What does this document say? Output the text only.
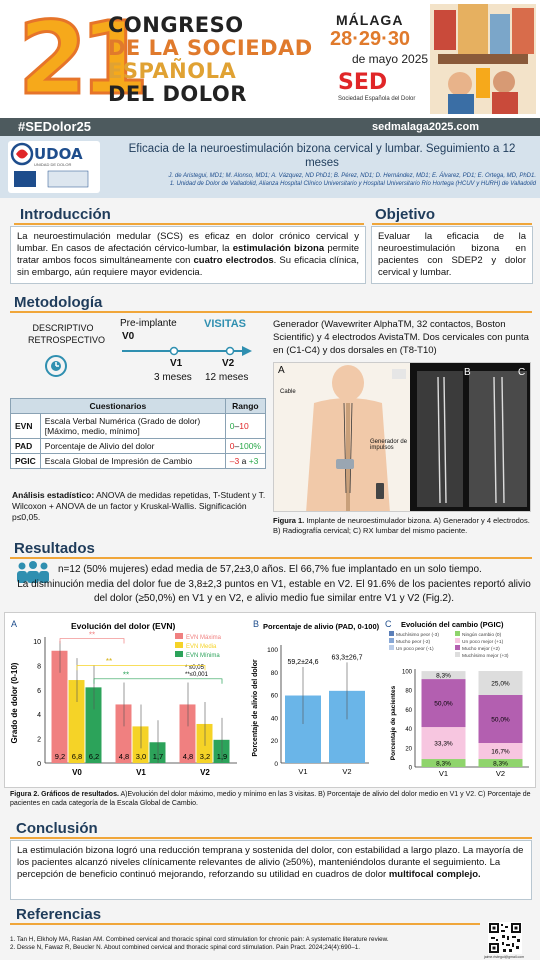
21
CONGRESO
DE LA SOCIEDAD
ESPAÑOLA
DEL DOLOR
MÁLAGA
28·29·30
de mayo 2025
SED
Sociedad Española del Dolor
#SEDolor25	sedmalaga2025.com
UDOA
UNIDAD DE DOLOR
Eficacia de la neuroestimulación bizona cervical y lumbar. Seguimiento a 12 meses
J. de Aristegui, MD1; M. Alonso, MD1; A. Vázquez, ND PhD1; B. Pérez, ND1; D. Hernández, MD1; E. Álvarez, PD1; E. Ortega, MD, PhD1.
1. Unidad de Dolor de Valladolid, Alianza Hospital Clínico Universitario y Hospital Universitario Río Hortega (HCUV y HURH) de Valladolid
Introducción
La neuroestimulación medular (SCS) es eficaz en dolor crónico cervical y lumbar. En casos de afectación cérvico-lumbar, la estimulación bizona permite tratar ambos focos simultáneamente con cuatro electrodos. Su eficacia clínica, sin embargo, aún requiere mayor evidencia.
Objetivo
Evaluar la eficacia de la neuroestimulación bizona en pacientes con SDEP2 y dolor cervical y lumbar.
Metodología
DESCRIPTIVO
RETROSPECTIVO
Pre-implante VISITAS
V0
V1	V2
3 meses 12 meses
Generador (Wavewriter AlphaTM, 32 contactos, Boston Scientific) y 4 electrodos AvistaTM. Dos cervicales con punta en (C1-C4) y dos dorsales en (T8-T10)
Cuestionarios		Rango
EVN	Escala Verbal Numérica (Grado de dolor) [Máximo, medio, mínimo]	0–10
PAD	Porcentaje de Alivio del dolor	0–100%
PGIC	Escala Global de Impresión de Cambio	–3 a +3
Análisis estadístico: ANOVA de medidas repetidas, T-Student y T. Wilcoxon + ANOVA de un factor y Kruskal-Wallis. Significación p≤0,05.
A	B	C
Cable
Generador de impulsos
Figura 1. Implante de neuroestimulador bizona. A) Generador y 4 electrodos. B) Radiografía cervical; C) RX lumbar del mismo paciente.
Resultados
n=12 (50% mujeres) edad media de 57,2±3,0 años. El 66,7% fue implantado en un solo tiempo.
La disminución media del dolor fue de 3,8±2,3 puntos en V1, estable en V2. El 91.6% de los pacientes reportó alivio del dolor (≥50,0%) en V1 y en V2, e alivio medio fue similar entre V1 y V2 (Fig.2).
A	Evolución del dolor (EVN)
Grado de dolor (0-10)
0
2
4
6
8
10
V0
9,2 6,8 6,2
V1
4,8 3,0 1,7
V2
4,8 3,2 1,9
EVN Máxima
EVN Media
EVN Mínima
* ≤0,05
**≤0,001
**
**
**
B Porcentaje de alivio (PAD, 0-100)
Porcentaje de alivio del dolor
0
20
40
60
80
100
59,2±24,6
V1
63,3±26,7
V2
C Evolución del cambio (PGIC)
Porcentaje de pacientes
Muchísimo peor (-3)
Mucho peor (-2)
Un poco peor (-1)
Ningún cambio (0)
Un poco mejor (+1)
Mucho mejor (+2)
Muchísimo mejor (+3)
0
20
40
60
80
100
8,3%
33,3%
50,0%
8,3%
V1
8,3%
16,7%
50,0%
25,0%
V2
Figura 2. Gráficos de resultados. A)Evolución del dolor máximo, medio y mínimo en las 3 visitas. B) Porcentaje de alivio del dolor medio en V1 y V2. C) Porcentaje de pacientes en cada categoría de la Escala Global de Cambio.
Conclusión
La estimulación bizona logró una reducción temprana y sostenida del dolor, con estabilidad a largo plazo. La mayoría de los pacientes alcanzó niveles clínicamente relevantes de alivio (≥50%), manteniéndolos durante el seguimiento. La percepción de beneficio continuó mejorando, reforzando su utilidad en cuadros de dolor multifocal complejo.
Referencias
1. Tan H, Elkholy MA, Raslan AM. Combined cervical and thoracic spinal cord stimulation for chronic pain: A systematic literature review.
2. Desse N, Fawaz R, Beucler N. About combined cervical and thoracic spinal cord stimulation. Pain Pract. 2024;24(4):690–1.
jaime.ristegui@gmail.com
